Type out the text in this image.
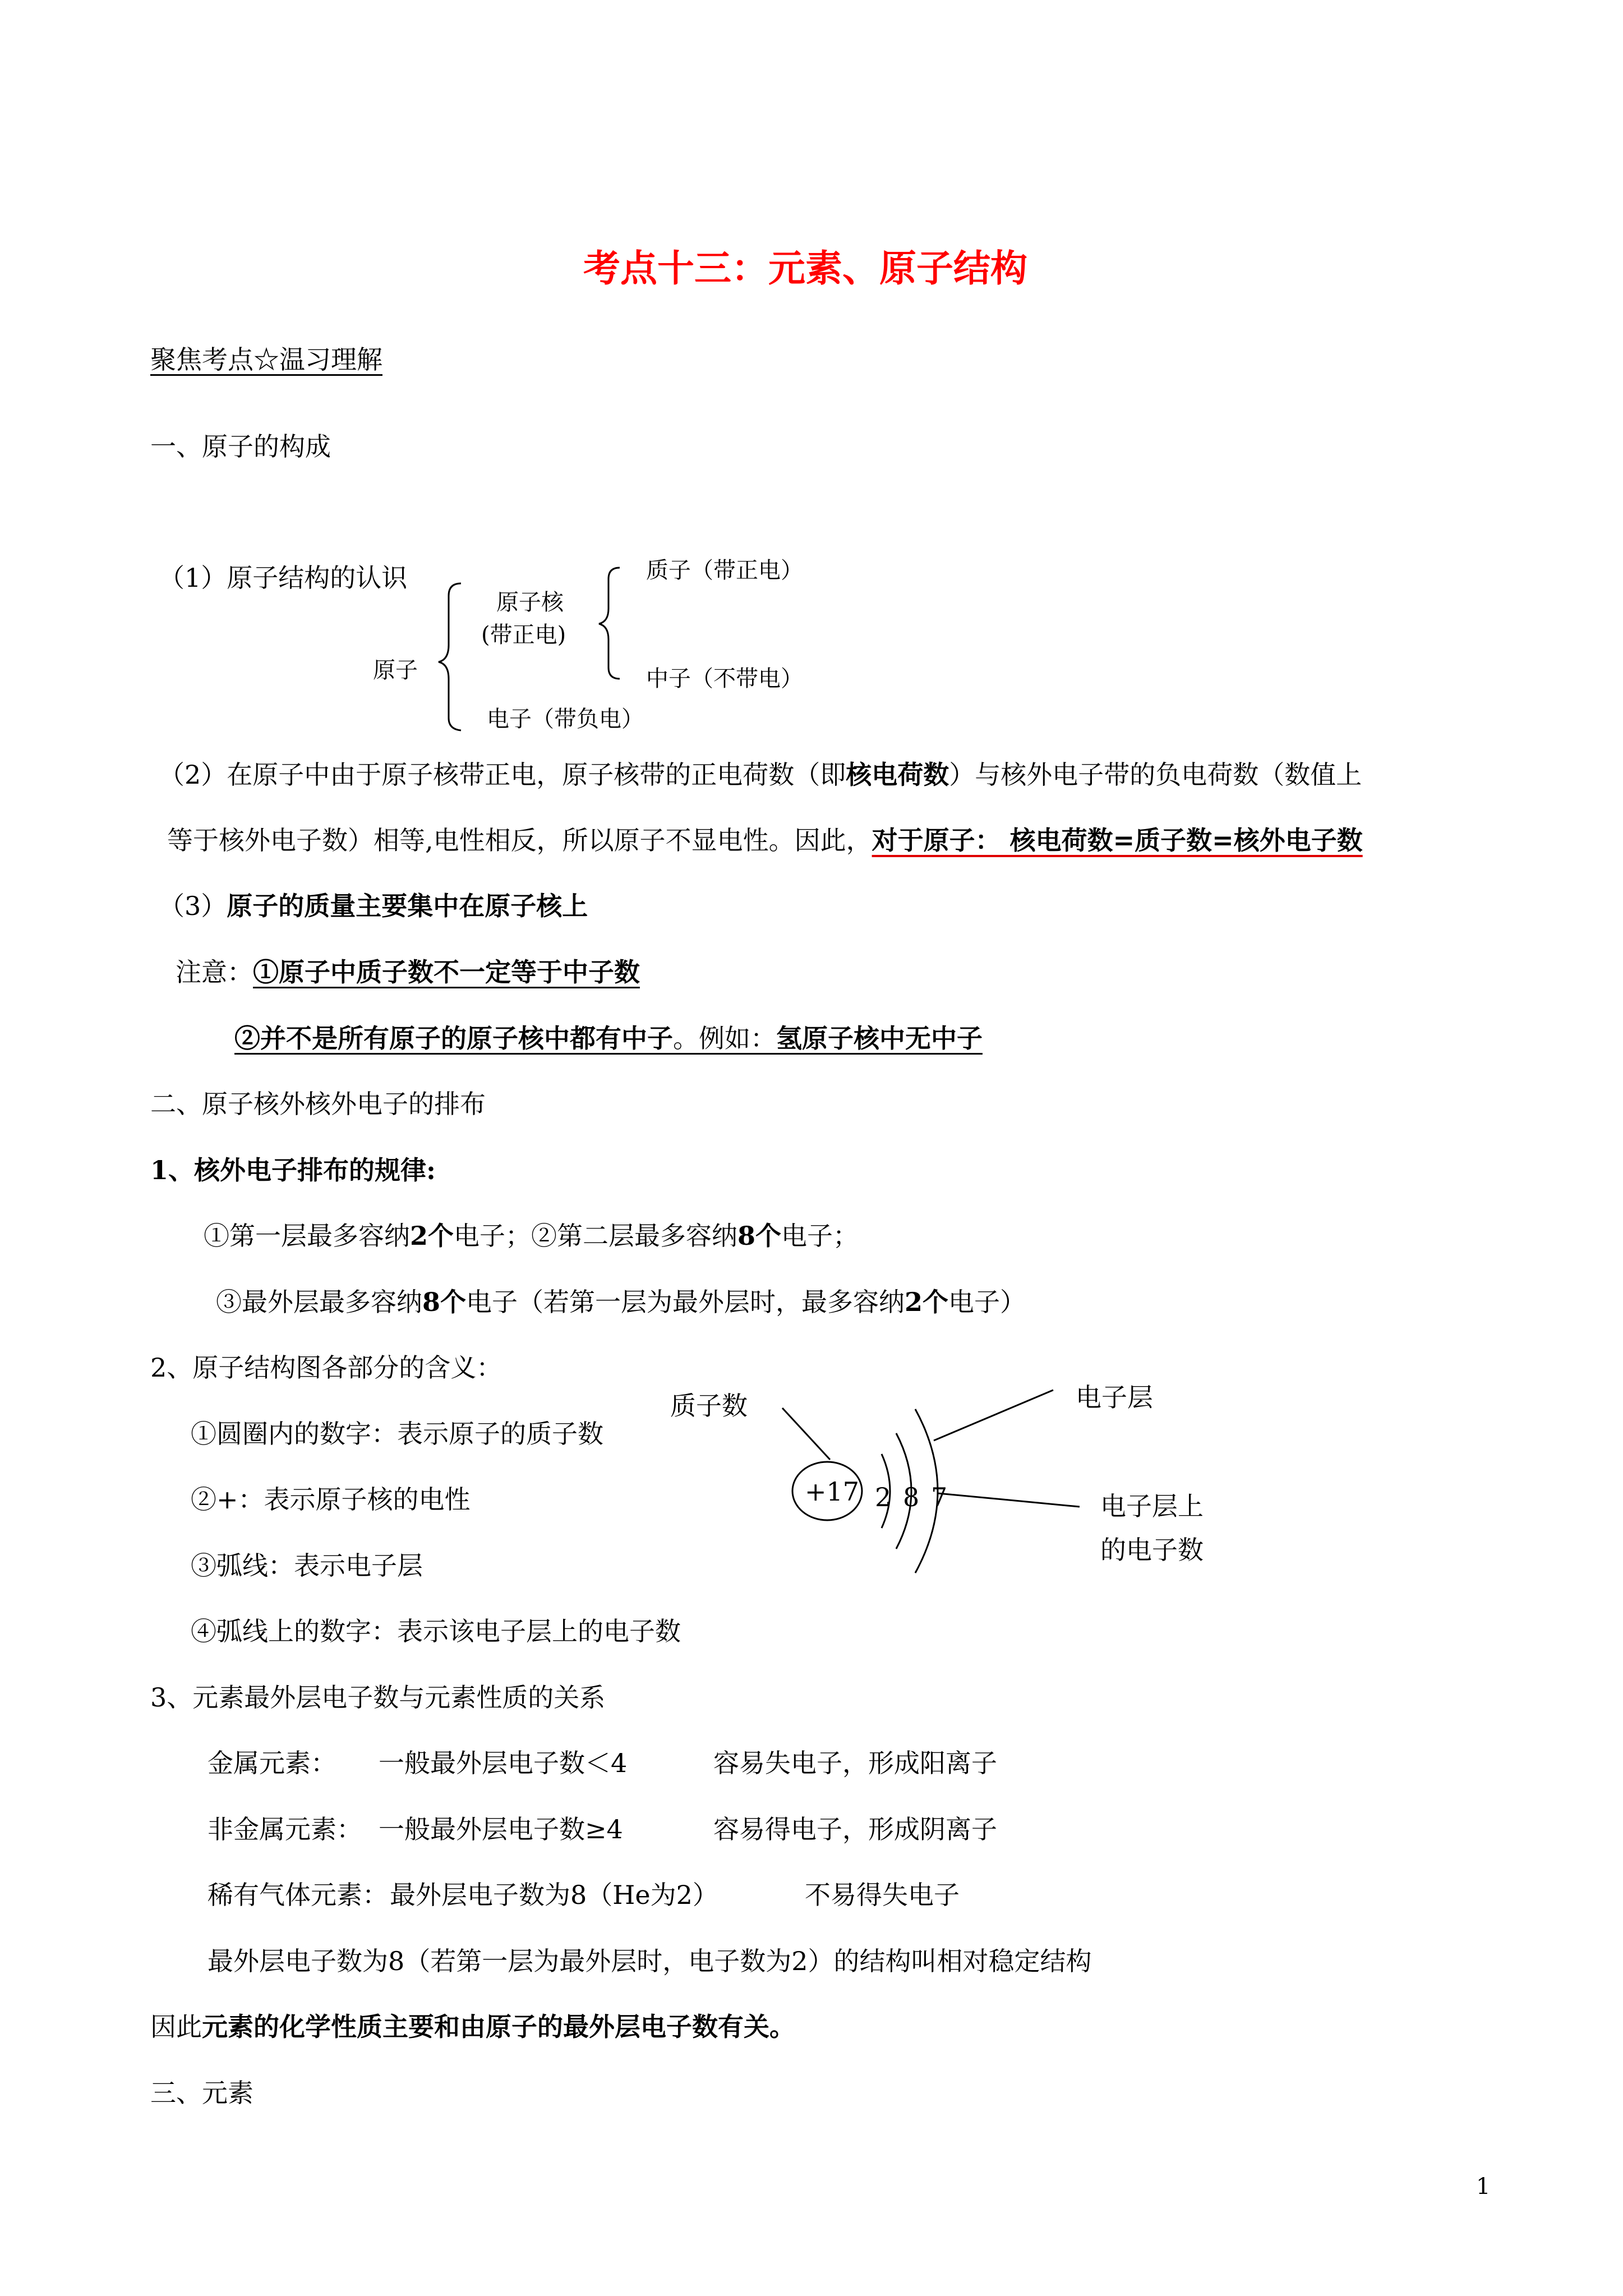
考点十三：元素、原子结构
聚焦考点☆温习理解
一、原子的构成
（1）原子结构的认识
原子
原子核
(带正电)
电子（带负电）
质子（带正电）
中子（不带电）
（2）在原子中由于原子核带正电，原子核带的正电荷数（即核电荷数）与核外电子带的负电荷数（数值上
等于核外电子数）相等,电性相反，所以原子不显电性。因此，对于原子： 核电荷数=质子数=核外电子数
（3）原子的质量主要集中在原子核上
注意：①原子中质子数不一定等于中子数
②并不是所有原子的原子核中都有中子。例如：氢原子核中无中子
二、原子核外核外电子的排布
1、核外电子排布的规律:
①第一层最多容纳2个电子；②第二层最多容纳8个电子；
③最外层最多容纳8个电子（若第一层为最外层时，最多容纳2个电子）
2、原子结构图各部分的含义：
①圆圈内的数字：表示原子的质子数
②+：表示原子核的电性
③弧线：表示电子层
④弧线上的数字：表示该电子层上的电子数
质子数	电子层
电子层上
的电子数
+17 2 8 7
3、元素最外层电子数与元素性质的关系
金属元素： 一般最外层电子数＜4	容易失电子，形成阳离子
非金属元素： 一般最外层电子数≥4	容易得电子，形成阴离子
稀有气体元素： 最外层电子数为8（He为2）	不易得失电子
最外层电子数为8（若第一层为最外层时，电子数为2）的结构叫相对稳定结构
因此元素的化学性质主要和由原子的最外层电子数有关。
三、元素
1
